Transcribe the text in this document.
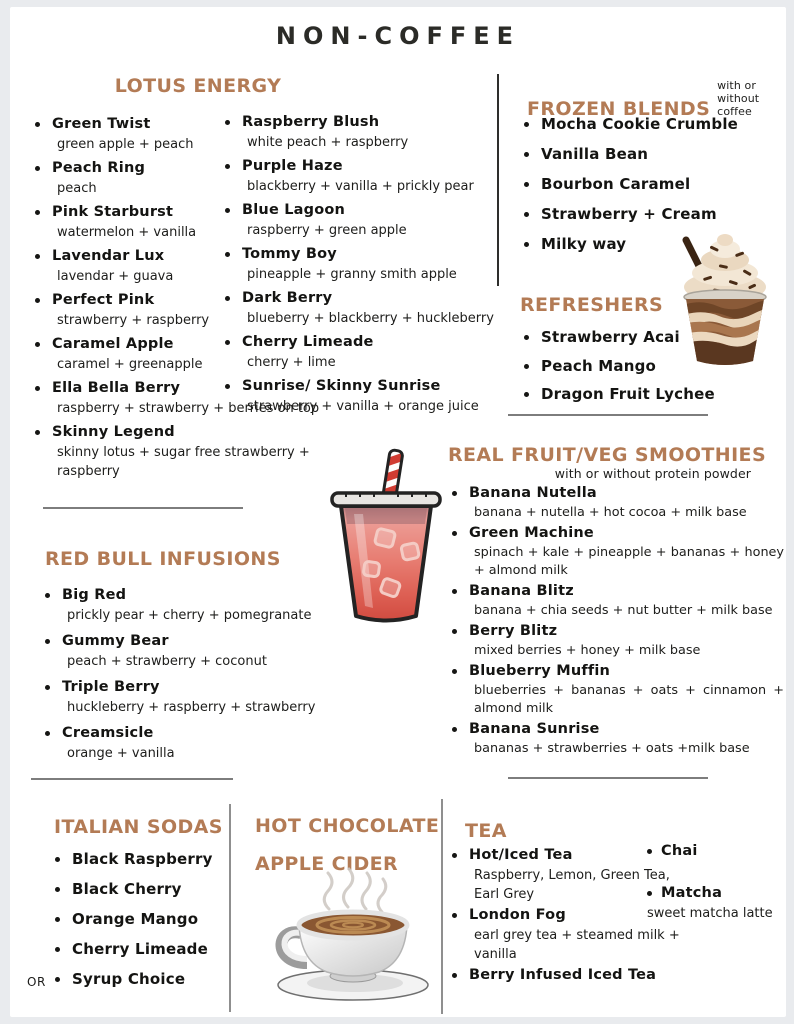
NON-COFFEE
LOTUS ENERGY
Green Twist
green apple + peach
Peach Ring
peach
Pink Starburst
watermelon + vanilla
Lavendar Lux
lavendar + guava
Perfect Pink
strawberry + raspberry
Caramel Apple
caramel + greenapple
Ella Bella Berry
raspberry + strawberry + berries on top
Skinny Legend
skinny lotus + sugar free strawberry + raspberry
Raspberry Blush
white peach + raspberry
Purple Haze
blackberry + vanilla + prickly pear
Blue Lagoon
raspberry + green apple
Tommy Boy
pineapple + granny smith apple
Dark Berry
blueberry + blackberry + huckleberry
Cherry Limeade
cherry + lime
Sunrise/ Skinny Sunrise
strawberry + vanilla + orange juice
FROZEN BLENDS
with or without coffee
Mocha Cookie Crumble
Vanilla Bean
Bourbon Caramel
Strawberry + Cream
Milky way
REFRESHERS
Strawberry Acai
Peach Mango
Dragon Fruit Lychee
REAL FRUIT/VEG SMOOTHIES
with or without protein powder
Banana Nutella
banana + nutella + hot cocoa + milk base
Green Machine
spinach + kale + pineapple + bananas + honey + almond milk
Banana Blitz
banana + chia seeds + nut butter + milk base
Berry Blitz
mixed berries + honey + milk base
Blueberry Muffin
blueberries + bananas + oats + cinnamon + almond milk
Banana Sunrise
bananas + strawberries + oats +milk base
RED BULL INFUSIONS
Big Red
prickly pear + cherry + pomegranate
Gummy Bear
peach + strawberry + coconut
Triple Berry
huckleberry + raspberry + strawberry
Creamsicle
orange + vanilla
ITALIAN SODAS
Black Raspberry
Black Cherry
Orange Mango
Cherry Limeade
OR Syrup Choice
HOT CHOCOLATE
APPLE CIDER
TEA
Hot/Iced Tea
Raspberry, Lemon, Green Tea, Earl Grey
London Fog
earl grey tea + steamed milk + vanilla
Berry Infused Iced Tea
Chai
Matcha
sweet matcha latte
